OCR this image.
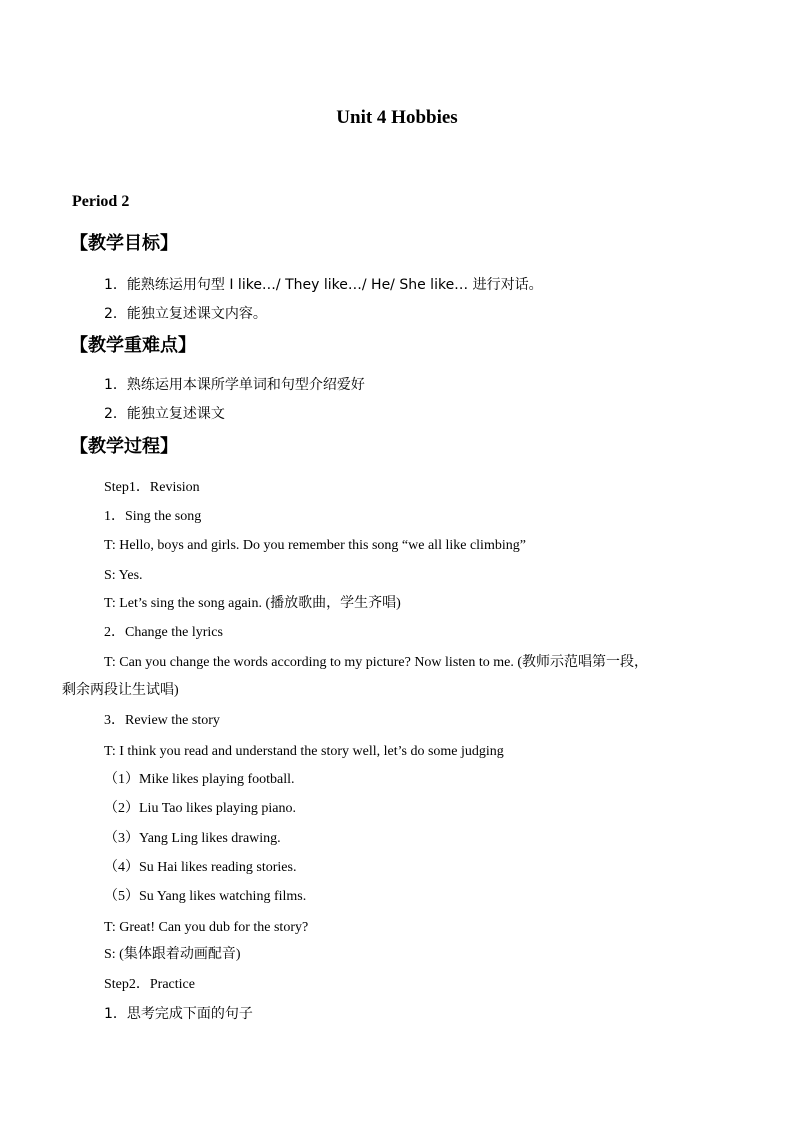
Unit 4 Hobbies
Period 2
【教学目标】
1．能熟练运用句型 I like…/ They like…/ He/ She like… 进行对话。
2．能独立复述课文内容。
【教学重难点】
1．熟练运用本课所学单词和句型介绍爱好
2．能独立复述课文
【教学过程】
Step1．Revision
1．Sing the song
T: Hello, boys and girls. Do you remember this song “we all like climbing”
S: Yes.
T: Let’s sing the song again. (播放歌曲，学生齐唱)
2．Change the lyrics
T: Can you change the words according to my picture? Now listen to me. (教师示范唱第一段，
剩余两段让生试唱)
3．Review the story
T: I think you read and understand the story well, let’s do some judging
（1）Mike likes playing football.
（2）Liu Tao likes playing piano.
（3）Yang Ling likes drawing.
（4）Su Hai likes reading stories.
（5）Su Yang likes watching films.
T: Great! Can you dub for the story?
S: (集体跟着动画配音)
Step2．Practice
1．思考完成下面的句子
